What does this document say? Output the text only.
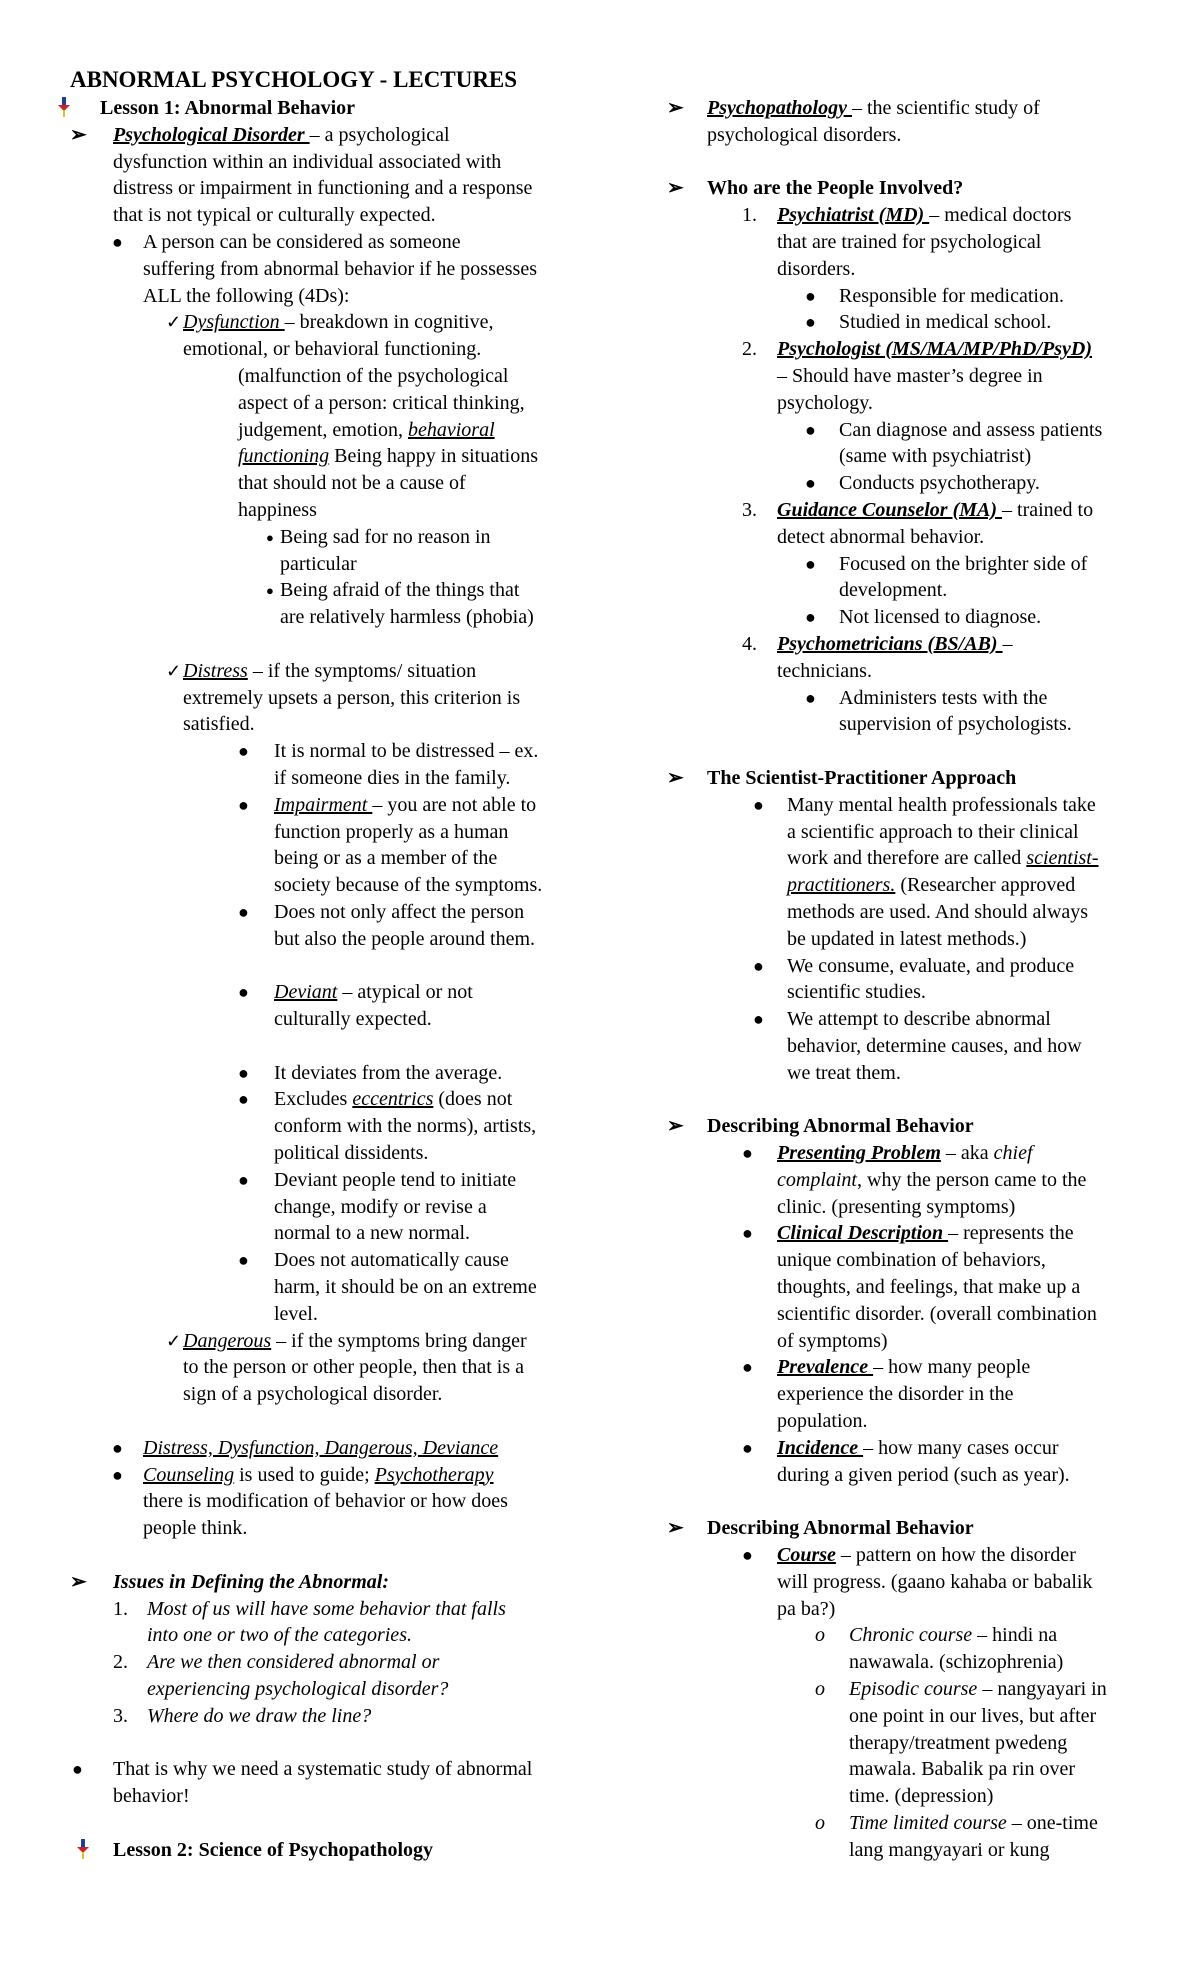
ABNORMAL PSYCHOLOGY - LECTURES
Lesson 1: Abnormal Behavior
➢ Psychological Disorder – a psychological
dysfunction within an individual associated with
distress or impairment in functioning and a response
that is not typical or culturally expected.
● A person can be considered as someone
suffering from abnormal behavior if he possesses
ALL the following (4Ds):
✓ Dysfunction – breakdown in cognitive,
emotional, or behavioral functioning.
(malfunction of the psychological
aspect of a person: critical thinking,
judgement, emotion, behavioral
functioning Being happy in situations
that should not be a cause of
happiness
● Being sad for no reason in
particular
● Being afraid of the things that
are relatively harmless (phobia)
✓ Distress – if the symptoms/ situation
extremely upsets a person, this criterion is
satisfied.
● It is normal to be distressed – ex.
if someone dies in the family.
● Impairment – you are not able to
function properly as a human
being or as a member of the
society because of the symptoms.
● Does not only affect the person
but also the people around them.
● Deviant – atypical or not
culturally expected.
● It deviates from the average.
● Excludes eccentrics (does not
conform with the norms), artists,
political dissidents.
● Deviant people tend to initiate
change, modify or revise a
normal to a new normal.
● Does not automatically cause
harm, it should be on an extreme
level.
✓ Dangerous – if the symptoms bring danger
to the person or other people, then that is a
sign of a psychological disorder.
● Distress, Dysfunction, Dangerous, Deviance
● Counseling is used to guide; Psychotherapy
there is modification of behavior or how does
people think.
➢ Issues in Defining the Abnormal:
1. Most of us will have some behavior that falls
into one or two of the categories.
2. Are we then considered abnormal or
experiencing psychological disorder?
3. Where do we draw the line?
● That is why we need a systematic study of abnormal
behavior!
Lesson 2: Science of Psychopathology
➢ Psychopathology – the scientific study of
psychological disorders.
➢ Who are the People Involved?
1. Psychiatrist (MD) – medical doctors
that are trained for psychological
disorders.
● Responsible for medication.
● Studied in medical school.
2. Psychologist (MS/MA/MP/PhD/PsyD)
– Should have master’s degree in
psychology.
● Can diagnose and assess patients
(same with psychiatrist)
● Conducts psychotherapy.
3. Guidance Counselor (MA) – trained to
detect abnormal behavior.
● Focused on the brighter side of
development.
● Not licensed to diagnose.
4. Psychometricians (BS/AB) –
technicians.
● Administers tests with the
supervision of psychologists.
➢ The Scientist-Practitioner Approach
● Many mental health professionals take
a scientific approach to their clinical
work and therefore are called scientist-
practitioners. (Researcher approved
methods are used. And should always
be updated in latest methods.)
● We consume, evaluate, and produce
scientific studies.
● We attempt to describe abnormal
behavior, determine causes, and how
we treat them.
➢ Describing Abnormal Behavior
● Presenting Problem – aka chief
complaint, why the person came to the
clinic. (presenting symptoms)
● Clinical Description – represents the
unique combination of behaviors,
thoughts, and feelings, that make up a
scientific disorder. (overall combination
of symptoms)
● Prevalence – how many people
experience the disorder in the
population.
● Incidence – how many cases occur
during a given period (such as year).
➢ Describing Abnormal Behavior
● Course – pattern on how the disorder
will progress. (gaano kahaba or babalik
pa ba?)
o Chronic course – hindi na
nawawala. (schizophrenia)
o Episodic course – nangyayari in
one point in our lives, but after
therapy/treatment pwedeng
mawala. Babalik pa rin over
time. (depression)
o Time limited course – one-time
lang mangyayari or kung
